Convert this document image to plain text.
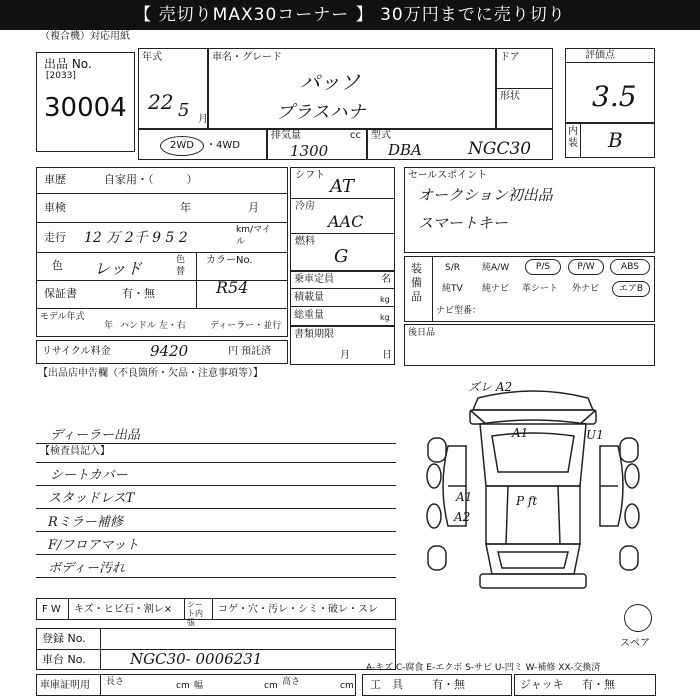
【 売切りMAX30コーナー 】 30万円までに売り切り
（複合機）対応用紙
出品 No.
[2033]
30004
年式
22 5 月
車名・グレード
パッソ
プラスハナ
ドア
形状
2WD ・4WD
排気量	cc
1300
型式
DBA	NGC30
評価点
3.5
内装 B
車歴	自家用・（　　　）
車検	年	月
走行 12 万 2千 9 5 2	km/マイル
色 レッド	色替
カラーNo.
R54
保証書	有・無
モデル年式
年 ハンドル 左・右	ディーラー・並行
リサイクル料金	9420	円 預託済
シフト
AT
冷房
AAC
燃料
G
乗車定員	名
積載量	kg
総重量	kg
書類期限
月	日
セールスポイント
オークション初出品
スマートキー
装備品
S/R 純A/W	P/S	P/W	ABS
純TV 純ナビ 革シート 外ナビ	エアB
ナビ型番：
後日品
【出品店申告欄（不良箇所・欠品・注意事項等）】
ディーラー出品
【検査員記入】
シートカバー
スタッドレスT
Rミラー補修
F/フロアマット
ボディー汚れ
ズレ A2
A1	U1
A1
A2
P ft
スペア
F W キズ・ヒビ石・割レ× シート内張
コゲ・穴・汚レ・シミ・破レ・スレ
登録 No.
車台 No.	NGC30- 0006231	A-キズ C-腐食 E-エクボ S-サビ U-凹ミ W-補修 XX-交換済
車庫証明用 長さ	cm 幅	cm 高さ	cm 工　具	有・無	ジャッキ 有・無
